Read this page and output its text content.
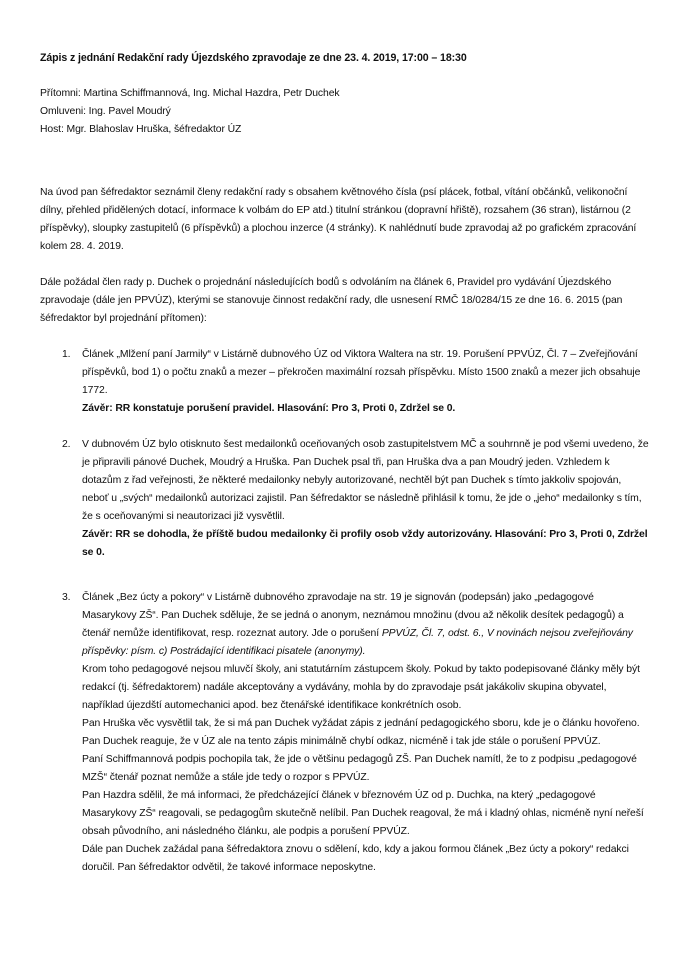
Zápis z jednání Redakční rady Újezdského zpravodaje ze dne 23. 4. 2019, 17:00 – 18:30

Přítomni: Martina Schiffmannová, Ing. Michal Hazdra, Petr Duchek

Omluveni: Ing. Pavel Moudrý

Host: Mgr. Blahoslav Hruška, šéfredaktor ÚZ

Na úvod pan šéfredaktor seznámil členy redakční rady s obsahem květnového čísla (psí plácek, fotbal, vítání občánků, velikonoční dílny, přehled přidělených dotací, informace k volbám do EP atd.) titulní stránkou (dopravní hřiště), rozsahem (36 stran), listárnou (2 příspěvky), sloupky zastupitelů (6 příspěvků) a plochou inzerce (4 stránky). K nahlédnutí bude zpravodaj až po grafickém zpracování kolem 28. 4. 2019.

Dále požádal člen rady p. Duchek o projednání následujících bodů s odvoláním na článek 6, Pravidel pro vydávání Újezdského zpravodaje (dále jen PPVÚZ), kterými se stanovuje činnost redakční rady, dle usnesení RMČ 18/0284/15 ze dne 16. 6. 2015 (pan šéfredaktor byl projednání přítomen):

1. Článek „Mlžení paní Jarmily“ v Listárně dubnového ÚZ od Viktora Waltera na str. 19. Porušení PPVÚZ, Čl. 7 – Zveřejňování příspěvků, bod 1) o počtu znaků a mezer – překročen maximální rozsah příspěvku. Místo 1500 znaků a mezer jich obsahuje 1772.
Závěr: RR konstatuje porušení pravidel. Hlasování: Pro 3, Proti 0, Zdržel se 0.
2. V dubnovém ÚZ bylo otisknuto šest medailonků oceňovaných osob zastupitelstvem MČ a souhrnně je pod všemi uvedeno, že je připravili pánové Duchek, Moudrý a Hruška. Pan Duchek psal tři, pan Hruška dva a pan Moudrý jeden. Vzhledem k dotazům z řad veřejnosti, že některé medailonky nebyly autorizované, nechtěl být pan Duchek s tímto jakkoliv spojován, neboť u „svých“ medailonků autorizaci zajistil. Pan šéfredaktor se následně přihlásil k tomu, že jde o „jeho“ medailonky s tím, že s oceňovanými si neautorizaci již vysvětlil.
Závěr: RR se dohodla, že příště budou medailonky či profily osob vždy autorizovány. Hlasování: Pro 3, Proti 0, Zdržel se 0.
3. Článek „Bez úcty a pokory“ v Listárně dubnového zpravodaje na str. 19 je signován (podepsán) jako „pedagogové Masarykovy ZŠ“. Pan Duchek sděluje, že se jedná o anonym, neznámou množinu (dvou až několik desítek pedagogů) a čtenář nemůže identifikovat, resp. rozeznat autory. Jde o porušení PPVÚZ, Čl. 7, odst. 6., V novinách nejsou zveřejňovány příspěvky: písm. c) Postrádající identifikaci pisatele (anonymy).
Krom toho pedagogové nejsou mluvčí školy, ani statutárním zástupcem školy. Pokud by takto podepisované články měly být redakcí (tj. šéfredaktorem) nadále akceptovány a vydávány, mohla by do zpravodaje psát jakákoliv skupina obyvatel, například újezdští automechanici apod. bez čtenářské identifikace konkrétních osob.
Pan Hruška věc vysvětlil tak, že si má pan Duchek vyžádat zápis z jednání pedagogického sboru, kde je o článku hovořeno. Pan Duchek reaguje, že v ÚZ ale na tento zápis minimálně chybí odkaz, nicméně i tak jde stále o porušení PPVÚZ.
Paní Schiffmannová podpis pochopila tak, že jde o většinu pedagogů ZŠ. Pan Duchek namítl, že to z podpisu „pedagogové MZŠ“ čtenář poznat nemůže a stále jde tedy o rozpor s PPVÚZ.
Pan Hazdra sdělil, že má informaci, že předcházející článek v březnovém ÚZ od p. Duchka, na který „pedagogové Masarykovy ZŠ“ reagovali, se pedagogům skutečně nelíbil. Pan Duchek reagoval, že má i kladný ohlas, nicméně nyní neřeší obsah původního, ani následného článku, ale podpis a porušení PPVÚZ.
Dále pan Duchek zažádal pana šéfredaktora znovu o sdělení, kdo, kdy a jakou formou článek „Bez úcty a pokory“ redakci doručil. Pan šéfredaktor odvětil, že takové informace neposkytne.
